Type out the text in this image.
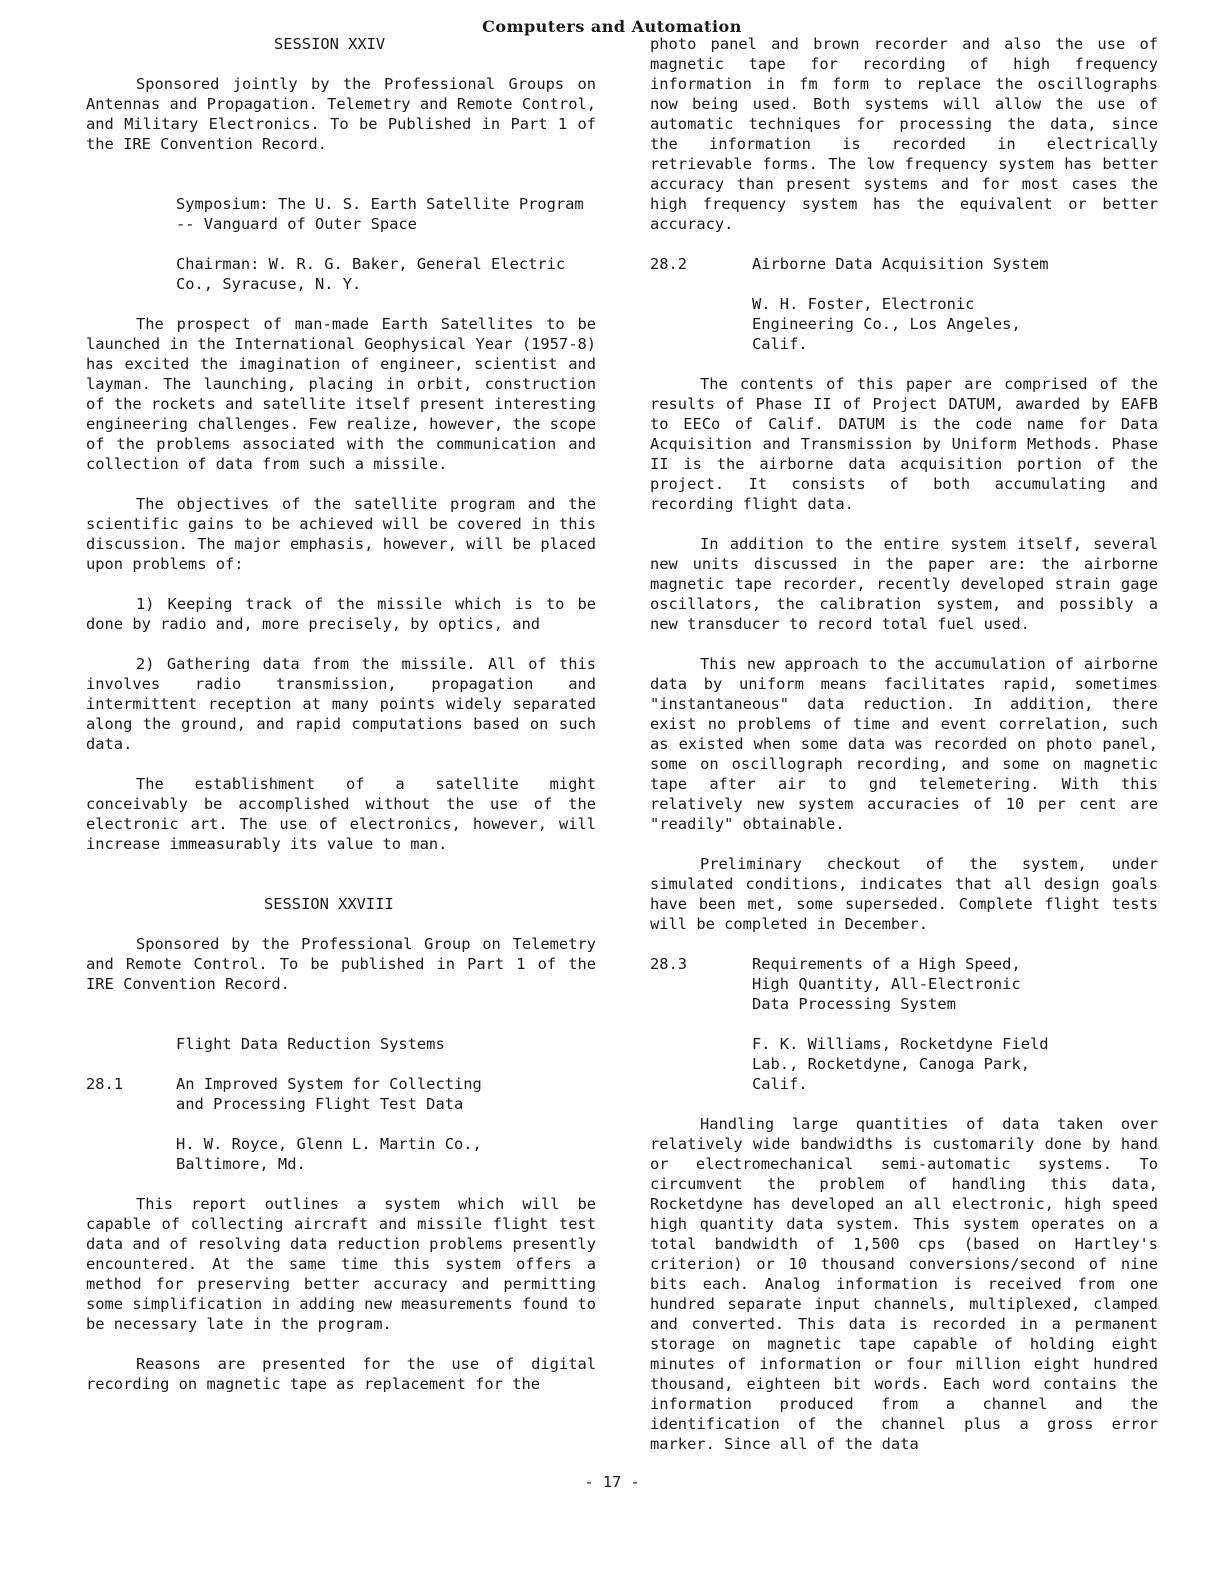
Computers and Automation

SESSION XXIV

Sponsored jointly by the Professional Groups on Antennas and Propagation. Telemetry and Remote Control, and Military Electronics. To be Published in Part 1 of the IRE Convention Record.

Symposium: The U. S. Earth Satellite Program -- Vanguard of Outer Space

Chairman: W. R. G. Baker, General Electric Co., Syracuse, N. Y.

The prospect of man-made Earth Satellites to be launched in the International Geophysical Year (1957-8) has excited the imagination of engineer, scientist and layman. The launching, placing in orbit, construction of the rockets and satellite itself present interesting engineering challenges. Few realize, however, the scope of the problems associated with the communication and collection of data from such a missile.

The objectives of the satellite program and the scientific gains to be achieved will be covered in this discussion. The major emphasis, however, will be placed upon problems of:

1) Keeping track of the missile which is to be done by radio and, more precisely, by optics, and

2) Gathering data from the missile. All of this involves radio transmission, propagation and intermittent reception at many points widely separated along the ground, and rapid computations based on such data.

The establishment of a satellite might conceivably be accomplished without the use of the electronic art. The use of electronics, however, will increase immeasurably its value to man.

SESSION XXVIII

Sponsored by the Professional Group on Telemetry and Remote Control. To be published in Part 1 of the IRE Convention Record.

Flight Data Reduction Systems

28.1	An Improved System for Collecting and Processing Flight Test Data

H. W. Royce, Glenn L. Martin Co., Baltimore, Md.

This report outlines a system which will be capable of collecting aircraft and missile flight test data and of resolving data reduction problems presently encountered. At the same time this system offers a method for preserving better accuracy and permitting some simplification in adding new measurements found to be necessary late in the program.

Reasons are presented for the use of digital recording on magnetic tape as replacement for the

photo panel and brown recorder and also the use of magnetic tape for recording of high frequency information in fm form to replace the oscillographs now being used. Both systems will allow the use of automatic techniques for processing the data, since the information is recorded in electrically retrievable forms. The low frequency system has better accuracy than present systems and for most cases the high frequency system has the equivalent or better accuracy.

28.2	Airborne Data Acquisition System

W. H. Foster, Electronic Engineering Co., Los Angeles, Calif.

The contents of this paper are comprised of the results of Phase II of Project DATUM, awarded by EAFB to EECo of Calif. DATUM is the code name for Data Acquisition and Transmission by Uniform Methods. Phase II is the airborne data acquisition portion of the project. It consists of both accumulating and recording flight data.

In addition to the entire system itself, several new units discussed in the paper are: the airborne magnetic tape recorder, recently developed strain gage oscillators, the calibration system, and possibly a new transducer to record total fuel used.

This new approach to the accumulation of airborne data by uniform means facilitates rapid, sometimes "instantaneous" data reduction. In addition, there exist no problems of time and event correlation, such as existed when some data was recorded on photo panel, some on oscillograph recording, and some on magnetic tape after air to gnd telemetering. With this relatively new system accuracies of 10 per cent are "readily" obtainable.

Preliminary checkout of the system, under simulated conditions, indicates that all design goals have been met, some superseded. Complete flight tests will be completed in December.

28.3	Requirements of a High Speed, High Quantity, All-Electronic Data Processing System

F. K. Williams, Rocketdyne Field Lab., Rocketdyne, Canoga Park, Calif.

Handling large quantities of data taken over relatively wide bandwidths is customarily done by hand or electromechanical semi-automatic systems. To circumvent the problem of handling this data, Rocketdyne has developed an all electronic, high speed high quantity data system. This system operates on a total bandwidth of 1,500 cps (based on Hartley's criterion) or 10 thousand conversions/second of nine bits each. Analog information is received from one hundred separate input channels, multiplexed, clamped and converted. This data is recorded in a permanent storage on magnetic tape capable of holding eight minutes of information or four million eight hundred thousand, eighteen bit words. Each word contains the information produced from a channel and the identification of the channel plus a gross error marker. Since all of the data

- 17 -
